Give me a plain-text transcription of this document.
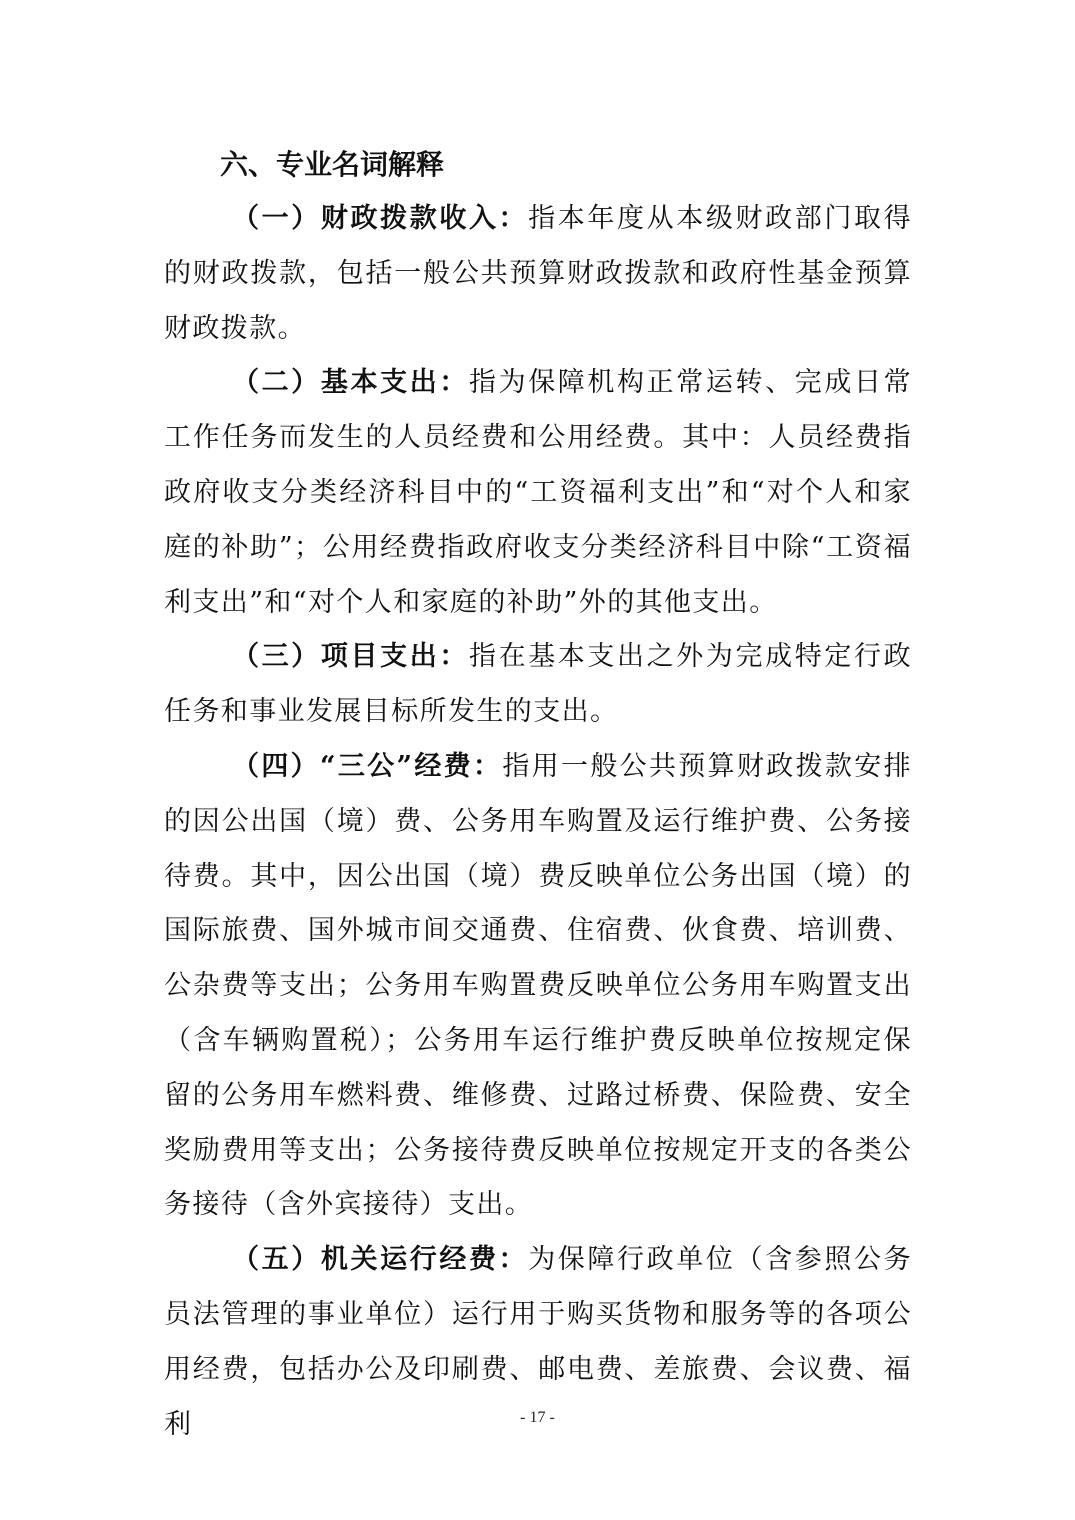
六、专业名词解释

（一）财政拨款收入：指本年度从本级财政部门取得的财政拨款，包括一般公共预算财政拨款和政府性基金预算财政拨款。

（二）基本支出：指为保障机构正常运转、完成日常工作任务而发生的人员经费和公用经费。其中：人员经费指政府收支分类经济科目中的“工资福利支出”和“对个人和家庭的补助”；公用经费指政府收支分类经济科目中除“工资福利支出”和“对个人和家庭的补助”外的其他支出。

（三）项目支出：指在基本支出之外为完成特定行政任务和事业发展目标所发生的支出。

（四）“三公”经费：指用一般公共预算财政拨款安排的因公出国（境）费、公务用车购置及运行维护费、公务接待费。其中，因公出国（境）费反映单位公务出国（境）的国际旅费、国外城市间交通费、住宿费、伙食费、培训费、公杂费等支出；公务用车购置费反映单位公务用车购置支出（含车辆购置税）；公务用车运行维护费反映单位按规定保留的公务用车燃料费、维修费、过路过桥费、保险费、安全奖励费用等支出；公务接待费反映单位按规定开支的各类公务接待（含外宾接待）支出。

（五）机关运行经费：为保障行政单位（含参照公务员法管理的事业单位）运行用于购买货物和服务等的各项公用经费，包括办公及印刷费、邮电费、差旅费、会议费、福利	- 17 -
